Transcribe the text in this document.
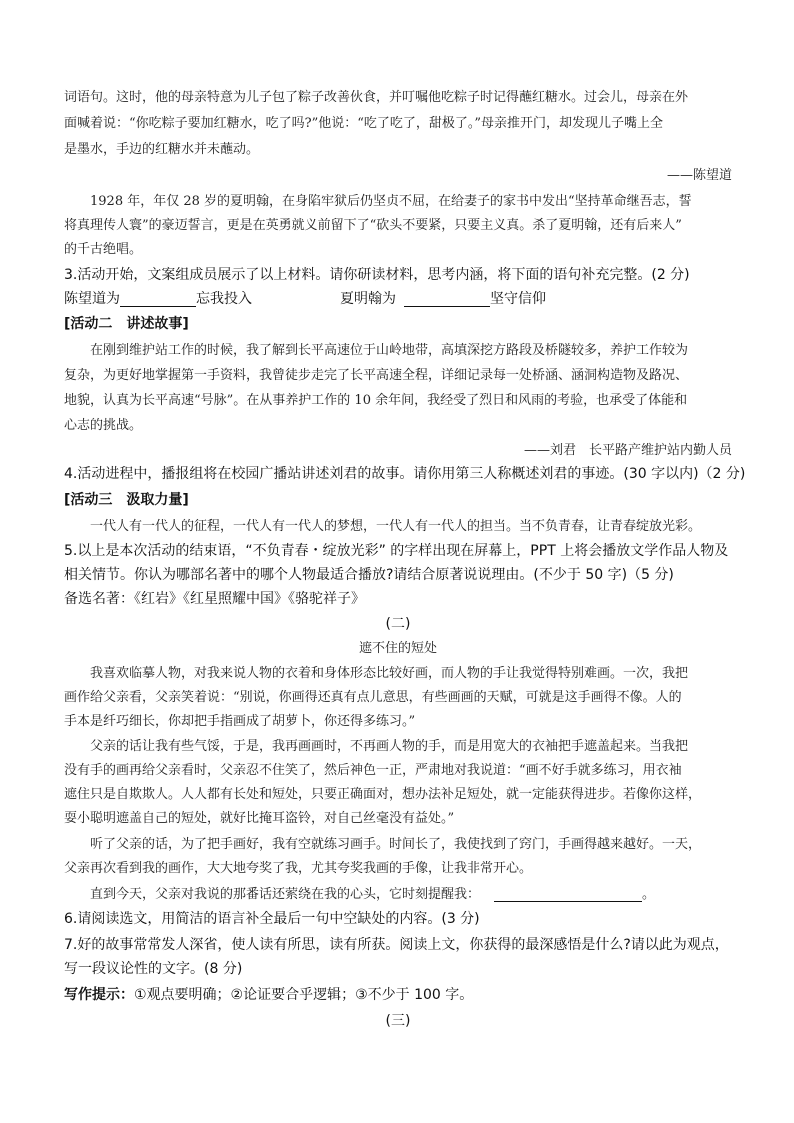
词语句。这时，他的母亲特意为儿子包了粽子改善伙食，并叮嘱他吃粽子时记得蘸红糖水。过会儿，母亲在外
面喊着说：“你吃粽子要加红糖水，吃了吗?”他说：“吃了吃了，甜极了。”母亲推开门，却发现儿子嘴上全
是墨水，手边的红糖水并未蘸动。
——陈望道
1928 年，年仅 28 岁的夏明翰，在身陷牢狱后仍坚贞不屈，在给妻子的家书中发出“坚持革命继吾志，誓
将真理传人寰”的豪迈誓言，更是在英勇就义前留下了“砍头不要紧，只要主义真。杀了夏明翰，还有后来人”
的千古绝唱。
3.活动开始，文案组成员展示了以上材料。请你研读材料，思考内涵，将下面的语句补充完整。(2 分)
陈望道为	忘我投入	夏明翰为	坚守信仰
[活动二　讲述故事]
在刚到维护站工作的时候，我了解到长平高速位于山岭地带，高填深挖方路段及桥隧较多，养护工作较为
复杂，为更好地掌握第一手资料，我曾徒步走完了长平高速全程，详细记录每一处桥涵、涵洞构造物及路况、
地貌，认真为长平高速“号脉”。在从事养护工作的 10 余年间，我经受了烈日和风雨的考验，也承受了体能和
心志的挑战。
——刘君　长平路产维护站内勤人员
4.活动进程中，播报组将在校园广播站讲述刘君的故事。请你用第三人称概述刘君的事迹。(30 字以内)（2 分)
[活动三　汲取力量]
一代人有一代人的征程，一代人有一代人的梦想，一代人有一代人的担当。当不负青春，让青春绽放光彩。
5.以上是本次活动的结束语，“不负青春・绽放光彩” 的字样出现在屏幕上，PPT 上将会播放文学作品人物及
相关情节。你认为哪部名著中的哪个人物最适合播放?请结合原著说说理由。(不少于 50 字)（5 分)
备选名著：《红岩》《红星照耀中国》《骆驼祥子》
(二)
遮不住的短处
我喜欢临摹人物，对我来说人物的衣着和身体形态比较好画，而人物的手让我觉得特别难画。一次，我把
画作给父亲看，父亲笑着说：“别说，你画得还真有点儿意思，有些画画的天赋，可就是这手画得不像。人的
手本是纤巧细长，你却把手指画成了胡萝卜，你还得多练习。”
父亲的话让我有些气馁，于是，我再画画时，不再画人物的手，而是用宽大的衣袖把手遮盖起来。当我把
没有手的画再给父亲看时，父亲忍不住笑了，然后神色一正，严肃地对我说道：“画不好手就多练习，用衣袖
遮住只是自欺欺人。人人都有长处和短处，只要正确面对，想办法补足短处，就一定能获得进步。若像你这样，
耍小聪明遮盖自己的短处，就好比掩耳盗铃，对自己丝毫没有益处。”
听了父亲的话，为了把手画好，我有空就练习画手。时间长了，我使找到了窍门，手画得越来越好。一天，
父亲再次看到我的画作，大大地夸奖了我，尤其夸奖我画的手像，让我非常开心。
直到今天，父亲对我说的那番话还萦绕在我的心头，它时刻提醒我：	。
6.请阅读选文，用简洁的语言补全最后一句中空缺处的内容。(3 分)
7.好的故事常常发人深省，使人读有所思，读有所获。阅读上文，你获得的最深感悟是什么?请以此为观点，
写一段议论性的文字。(8 分)
写作提示：①观点要明确；②论证要合乎逻辑；③不少于 100 字。
(三)
